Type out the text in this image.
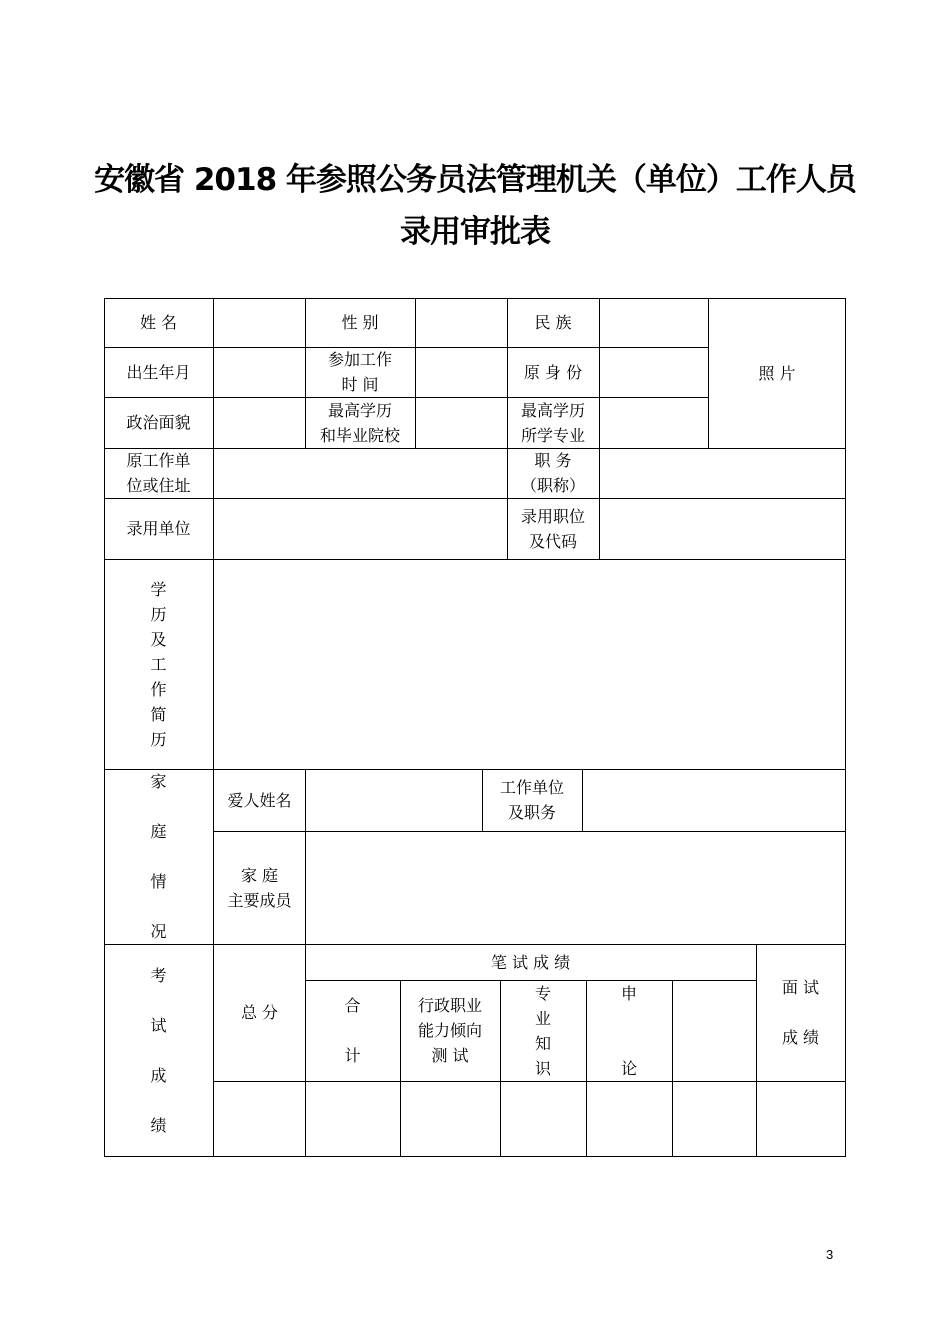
安徽省 2018 年参照公务员法管理机关（单位）工作人员
录用审批表
姓 名	性 别	民 族
照 片
出生年月
参加工作
时 间
原 身 份
政治面貌
最高学历
和毕业院校
最高学历
所学专业
原工作单
位或住址
职 务
（职称）
录用单位
录用职位
及代码
学
历
及
工
作
简
历
家

庭

情

况
爱人姓名
工作单位
及职务
家 庭
主要成员
考

试

成

绩
总 分
笔 试 成 绩
面 试

成 绩
合

计
行政职业
能力倾向
测 试
专
业
知
识
申

论
3
